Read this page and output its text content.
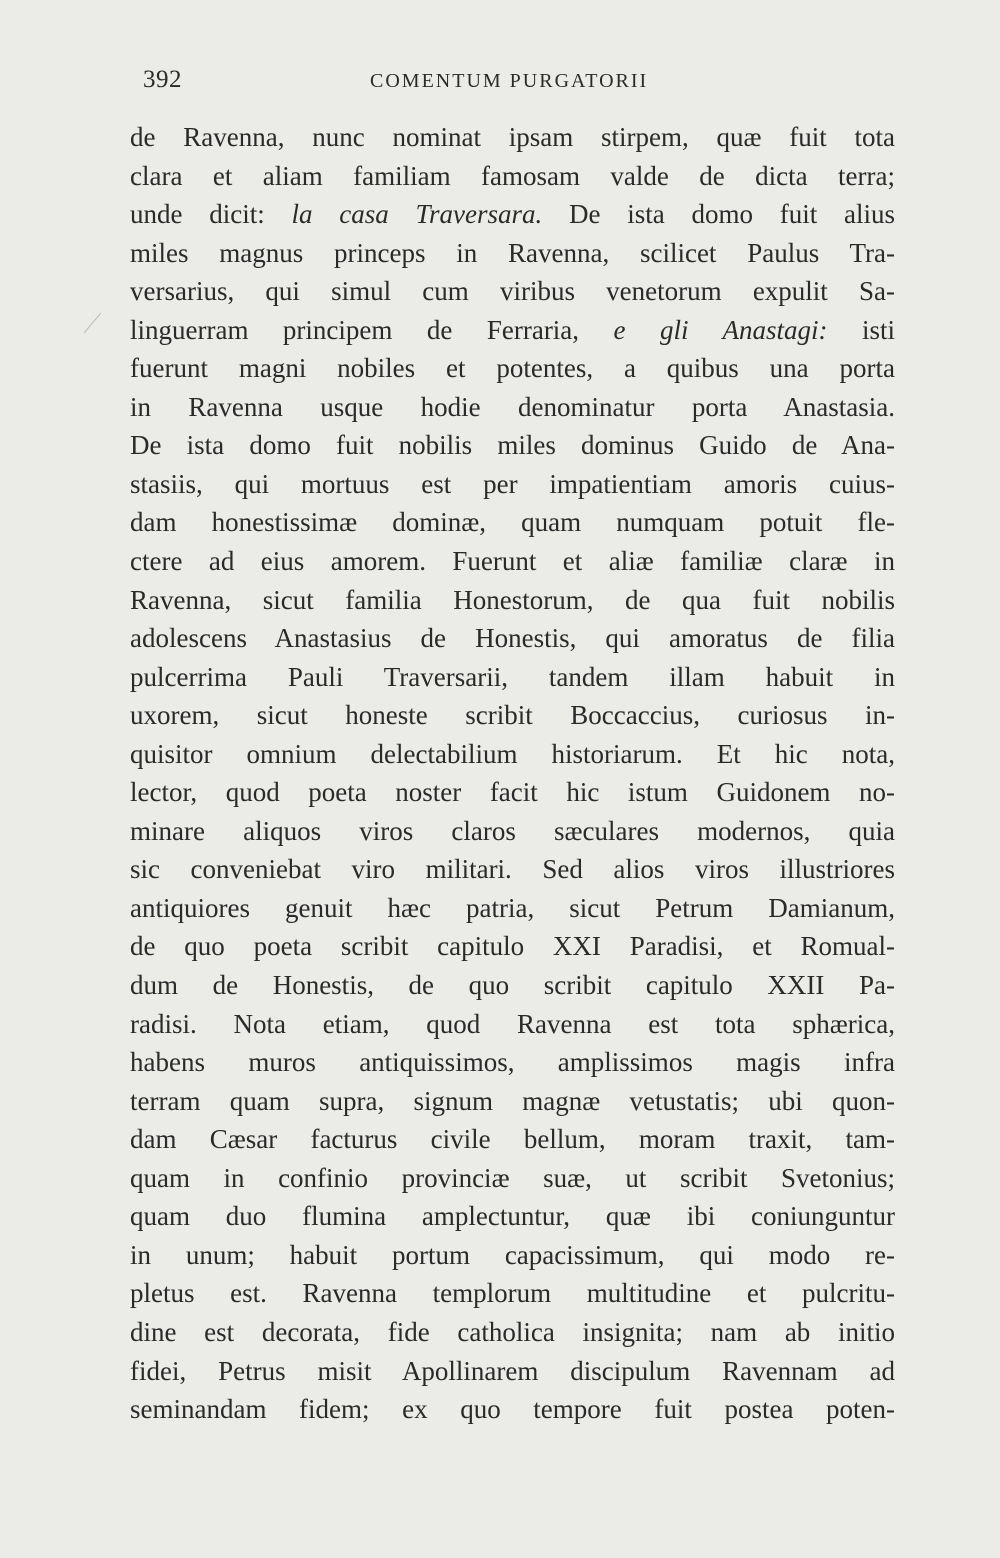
392	COMENTUM PURGATORII
de Ravenna, nunc nominat ipsam stirpem, quæ fuit tota
clara et aliam familiam famosam valde de dicta terra;
unde dicit: la casa Traversara. De ista domo fuit alius
miles magnus princeps in Ravenna, scilicet Paulus Tra-
versarius, qui simul cum viribus venetorum expulit Sa-
linguerram principem de Ferraria, e gli Anastagi: isti
fuerunt magni nobiles et potentes, a quibus una porta
in Ravenna usque hodie denominatur porta Anastasia.
De ista domo fuit nobilis miles dominus Guido de Ana-
stasiis, qui mortuus est per impatientiam amoris cuius-
dam honestissimæ dominæ, quam numquam potuit fle-
ctere ad eius amorem. Fuerunt et aliæ familiæ claræ in
Ravenna, sicut familia Honestorum, de qua fuit nobilis
adolescens Anastasius de Honestis, qui amoratus de filia
pulcerrima Pauli Traversarii, tandem illam habuit in
uxorem, sicut honeste scribit Boccaccius, curiosus in-
quisitor omnium delectabilium historiarum. Et hic nota,
lector, quod poeta noster facit hic istum Guidonem no-
minare aliquos viros claros sæculares modernos, quia
sic conveniebat viro militari. Sed alios viros illustriores
antiquiores genuit hæc patria, sicut Petrum Damianum,
de quo poeta scribit capitulo XXI Paradisi, et Romual-
dum de Honestis, de quo scribit capitulo XXII Pa-
radisi. Nota etiam, quod Ravenna est tota sphærica,
habens muros antiquissimos, amplissimos magis infra
terram quam supra, signum magnæ vetustatis; ubi quon-
dam Cæsar facturus civile bellum, moram traxit, tam-
quam in confinio provinciæ suæ, ut scribit Svetonius;
quam duo flumina amplectuntur, quæ ibi coniunguntur
in unum; habuit portum capacissimum, qui modo re-
pletus est. Ravenna templorum multitudine et pulcritu-
dine est decorata, fide catholica insignita; nam ab initio
fidei, Petrus misit Apollinarem discipulum Ravennam ad
seminandam fidem; ex quo tempore fuit postea poten-
